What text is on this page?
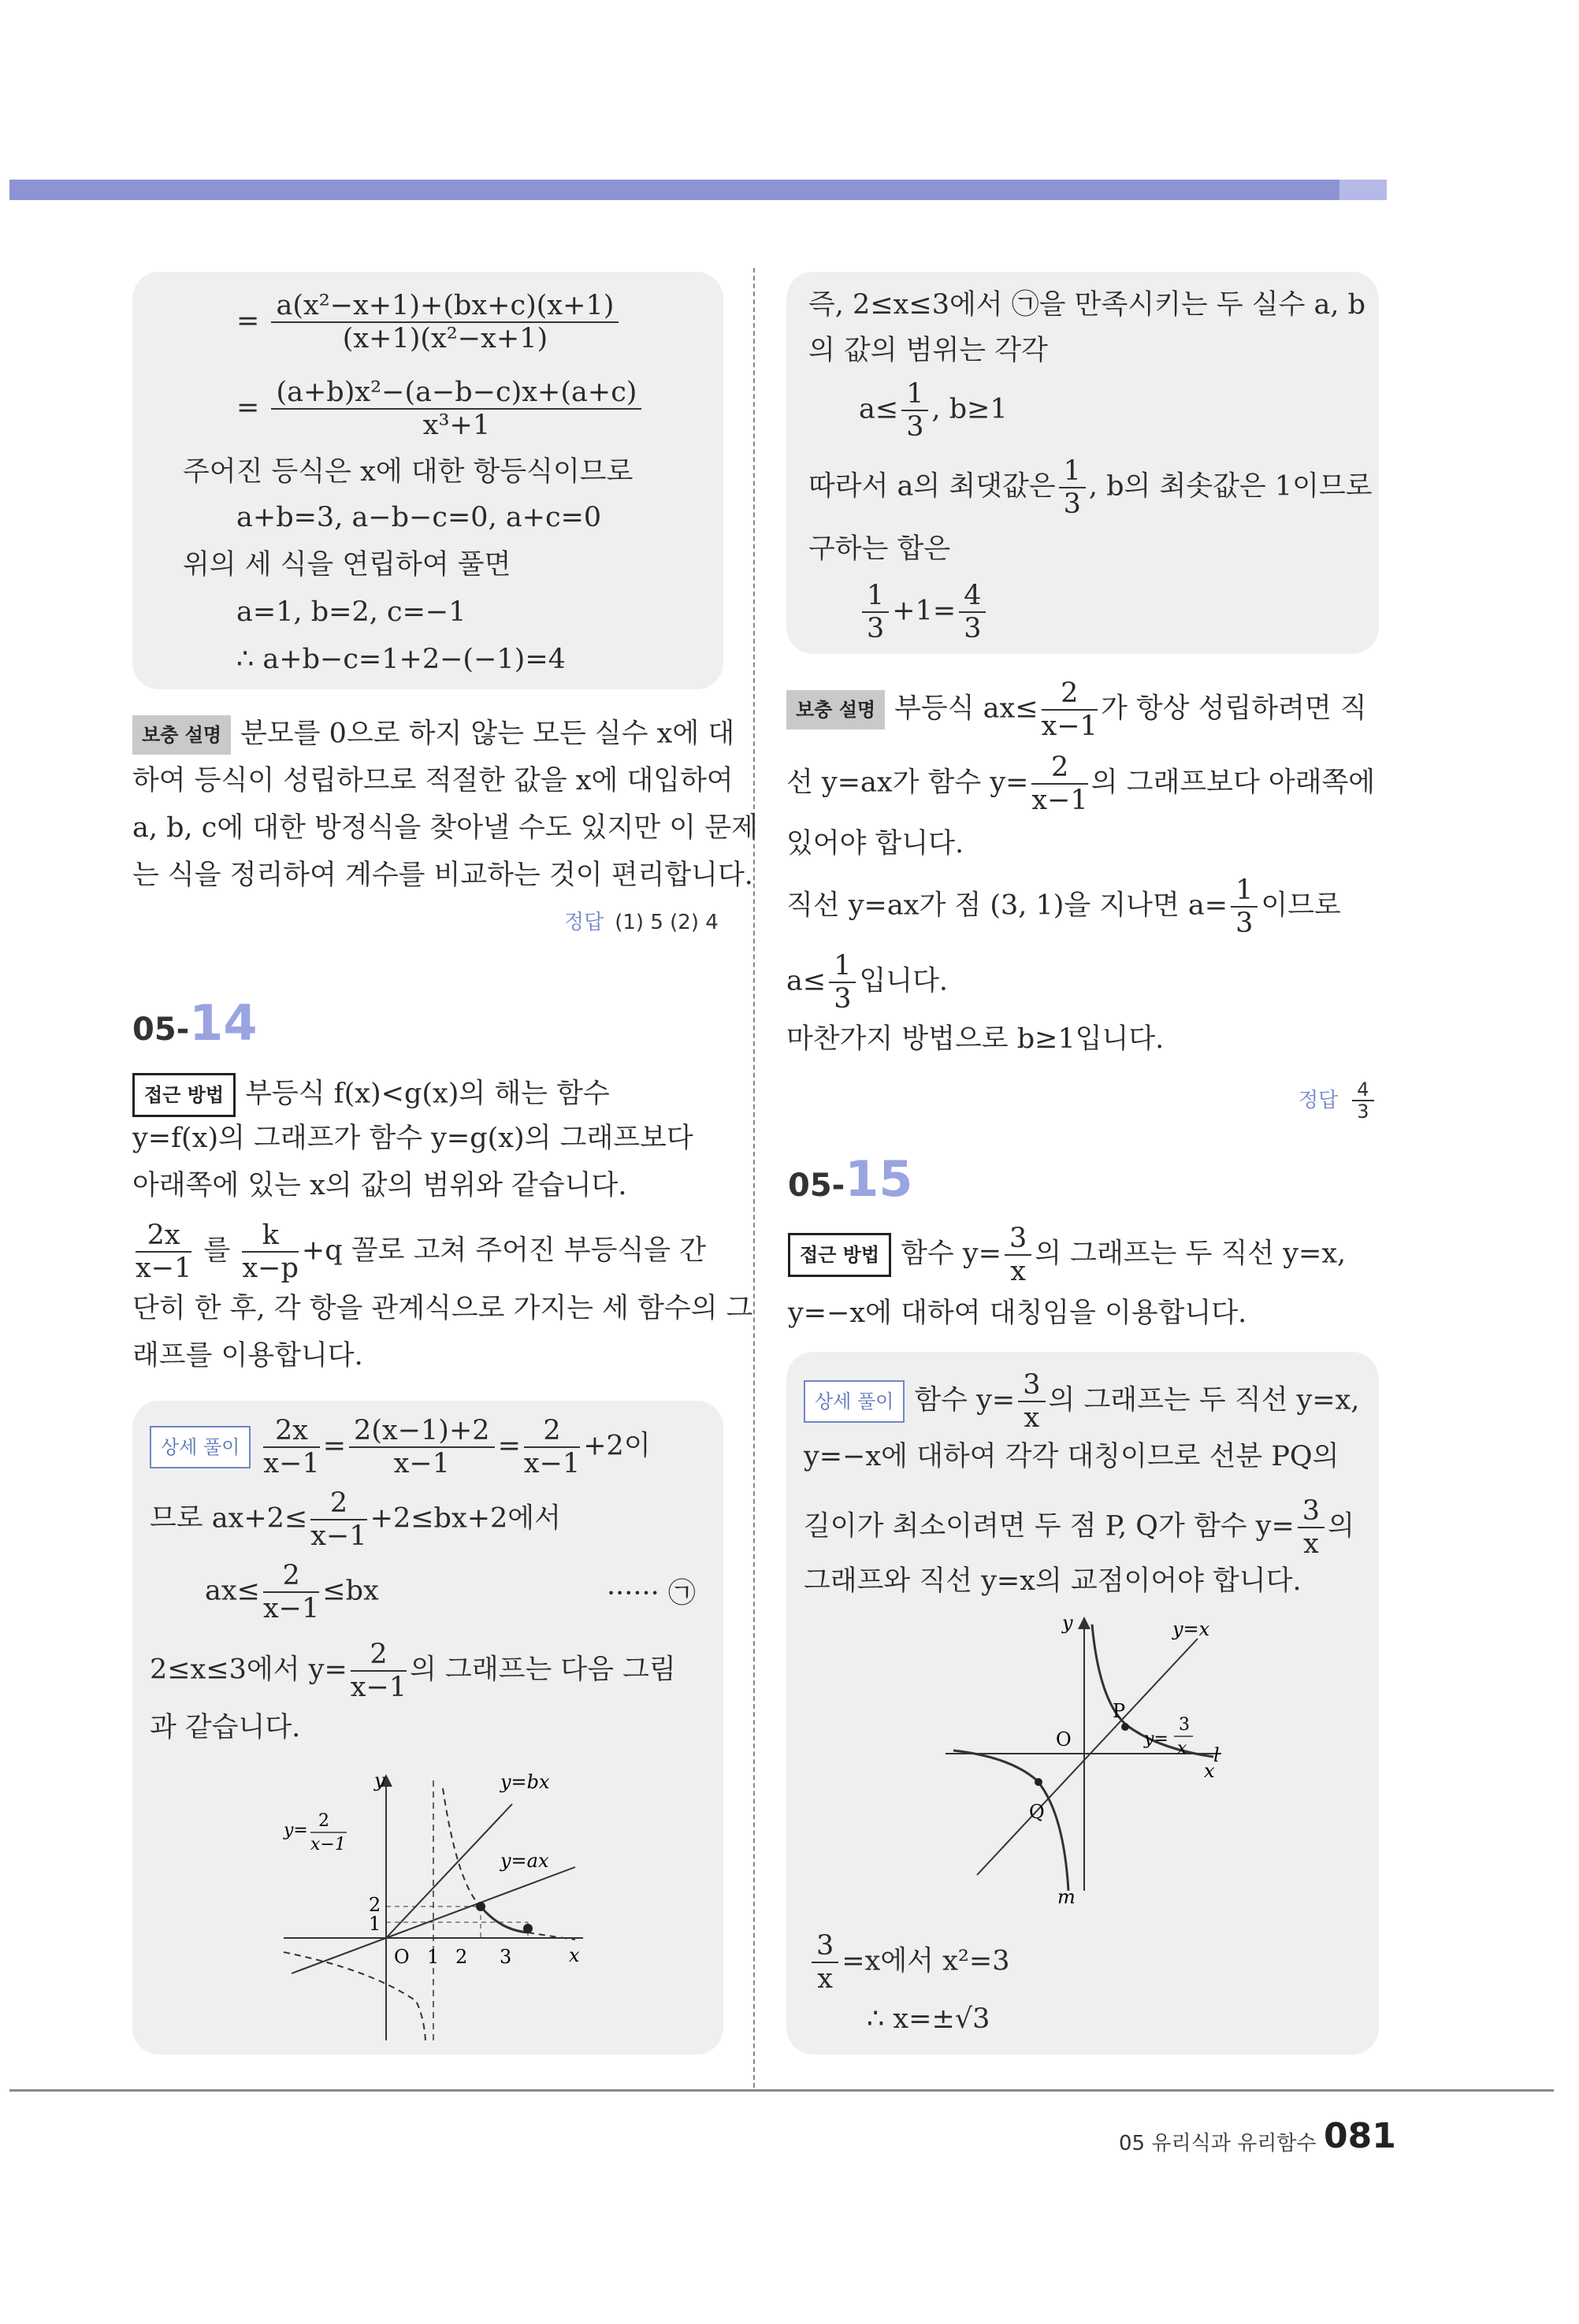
= $\frac{\text{a(x²−x+1)+(bx+c)(x+1)}}{\text{(x+1)(x²−x+1)}}$
= $\frac{\text{(a+b)x²−(a−b−c)x+(a+c)}}{\text{x³+1}}$
주어진 등식은 x에 대한 항등식이므로
a+b=3, a−b−c=0, a+c=0
위의 세 식을 연립하여 풀면
a=1, b=2, c=−1
∴ a+b−c=1+2−(−1)=4
보충 설명 분모를 0으로 하지 않는 모든 실수 x에 대
하여 등식이 성립하므로 적절한 값을 x에 대입하여
a, b, c에 대한 방정식을 찾아낼 수도 있지만 이 문제
는 식을 정리하여 계수를 비교하는 것이 편리합니다.
정답 (1) 5 (2) 4
05-14
접근 방법 부등식 f(x)<g(x)의 해는 함수
y=f(x)의 그래프가 함수 y=g(x)의 그래프보다
아래쪽에 있는 x의 값의 범위와 같습니다.
$\frac{2x}{x-1}$ 를 $\frac{k}{x-p} +q$ 꼴로 고쳐 주어진 부등식을 간
단히 한 후, 각 항을 관계식으로 가지는 세 함수의 그
래프를 이용합니다.
상세 풀이 $\frac{2x}{x-1} = \frac{2(x-1)+2}{x-1} = \frac{2}{x-1} +2$이
므로 $ax+2\le \frac{2}{x-1} +2\le bx+2$에서
$ax\le \frac{2}{x-1} \le bx$	······ ㉠
2≤x≤3에서 $y= \frac{2}{x-1}$ 의 그래프는 다음 그림
과 같습니다.
y
x
O 1 2 3
1
2
y=bx
y=ax
y= 2
x−1
즉, 2≤x≤3에서 ㉠을 만족시키는 두 실수 a, b
의 값의 범위는 각각
$a\le \frac{1}{3}$ , b≥1
따라서 a의 최댓값은 $\frac{1}{3}$ , b의 최솟값은 1이므로
구하는 합은
$\frac{1}{3} +1= \frac{4}{3}$
보충 설명 부등식 $ax\le \frac{2}{x-1}$ 가 항상 성립하려면 직
선 y=ax가 함수 $y= \frac{2}{x-1}$ 의 그래프보다 아래쪽에
있어야 합니다.
직선 y=ax가 점 (3, 1)을 지나면 $a= \frac{1}{3}$ 이므로
$a\le \frac{1}{3}$ 입니다.
마찬가지 방법으로 b≥1입니다.
정답 $\frac{4}{3}$
05-15
접근 방법 함수 $y= \frac{3}{x}$ 의 그래프는 두 직선 y=x,
y=−x에 대하여 대칭임을 이용합니다.
상세 풀이 함수 $y= \frac{3}{x}$ 의 그래프는 두 직선 y=x,
y=−x에 대하여 각각 대칭이므로 선분 PQ의
길이가 최소이려면 두 점 P, Q가 함수 $y= \frac{3}{x}$ 의
그래프와 직선 y=x의 교점이어야 합니다.
y
x
O
y=x
P
Q
l
m
y=
3
x
$\frac{3}{x} =x$에서 x²=3
∴ x=±√3
05 유리식과 유리함수 081
